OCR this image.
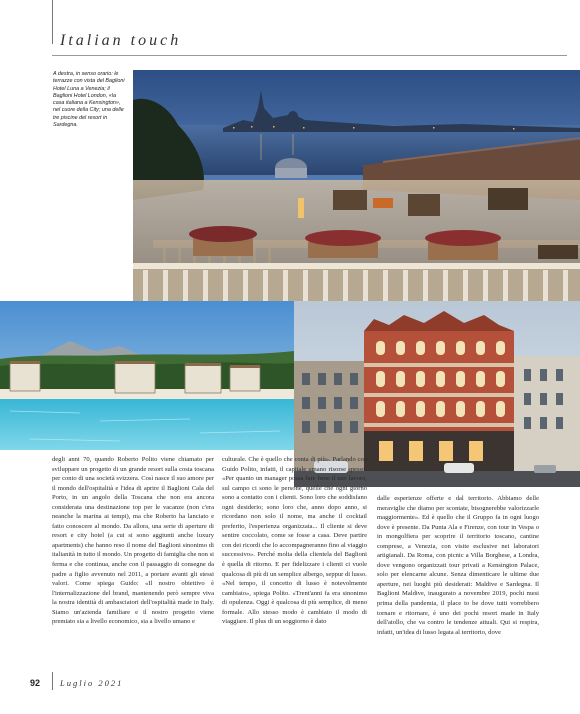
Italian touch
A destra, in senso orario: le terrazze con vista del Baglioni Hotel Luna a Venezia; il Baglioni Hotel London, «la casa italiana a Kensington», nel cuore della City; una delle tre piscine del resort in Sardegna.

degli anni 70, quando Roberto Polito viene chiamato per sviluppare un progetto di un grande resort sulla costa toscana per conto di una società svizzera. Così nasce il suo amore per il mondo dell'ospitalità e l'idea di aprire il Baglioni Cala del Porto, in un angolo della Toscana che non era ancora considerata una destinazione top per le vacanze (non c'era neanche la marina ai tempi), ma che Roberto ha lanciato e fatto conoscere al mondo. Da allora, una serie di aperture di resort e city hotel (a cui si sono aggiunti anche luxury apartments) che hanno reso il nome del Baglioni sinonimo di italianità in tutto il mondo. Un progetto di famiglia che non si ferma e che continua, anche con il passaggio di consegne da padre a figlio avvenuto nel 2011, a portare avanti gli stessi valori. Come spiega Guido: «Il nostro obiettivo è l'internalizzazione del brand, mantenendo però sempre viva la nostra identità di ambasciatori dell'ospitalità made in Italy. Siamo un'azienda familiare e il nostro progetto viene premiato sia a livello economico, sia a livello umano e

culturale. Che è quello che conta di più». Parlando con Guido Polito, infatti, il capitale umano risorse spesso. «Per quanto un manager possa fare bene il suo lavoro, sul campo ci sono le persone, quelle che ogni giorno sono a contatto con i clienti. Sono loro che soddisfano ogni desiderio; sono loro che, anno dopo anno, si ricordano non solo il nome, ma anche il cocktail preferito, l'esperienza organizzata... Il cliente si deve sentire coccolato, come se fosse a casa. Deve partire con dei ricordi che lo accompagneranno fino al viaggio successivo». Perché molta della clientela del Baglioni è quella di ritorno. E per fidelizzare i clienti ci vuole qualcosa di più di un semplice albergo, seppur di lusso.

«Nel tempo, il concetto di lusso è notevolmente cambiato», spiega Polito. «Trent'anni fa era sinonimo di opulenza. Oggi è qualcosa di più semplice, di meno formale. Allo stesso modo è cambiato il modo di viaggiare. Il plus di un soggiorno è dato

dalle esperienze offerte e dal territorio. Abbiamo delle meraviglie che diamo per scontate, bisognerebbe valorizzarle maggiormente». Ed è quello che il Gruppo fa in ogni luogo dove è presente. Da Punta Ala e Firenze, con tour in Vespa o in mongolfiera per scoprire il territorio toscano, cantine comprese, a Venezia, con visite esclusive nei laboratori artigianali. Da Roma, con picnic a Villa Borghese, a Londra, dove vengono organizzati tour privati a Kensington Palace, solo per elencarne alcune. Senza dimenticare le ultime due aperture, nei luoghi più desiderati: Maldive e Sardegna. Il Baglioni Maldive, inaugurato a novembre 2019, pochi mesi prima della pandemia, il place to be dove tutti vorrebbero tornare e ritornare, è uno dei pochi resort made in Italy dell'atollo, che va contro le tendenze attuali. Qui si respira, infatti, un'idea di lusso legata al territorio, dove

92 Luglio 2021
